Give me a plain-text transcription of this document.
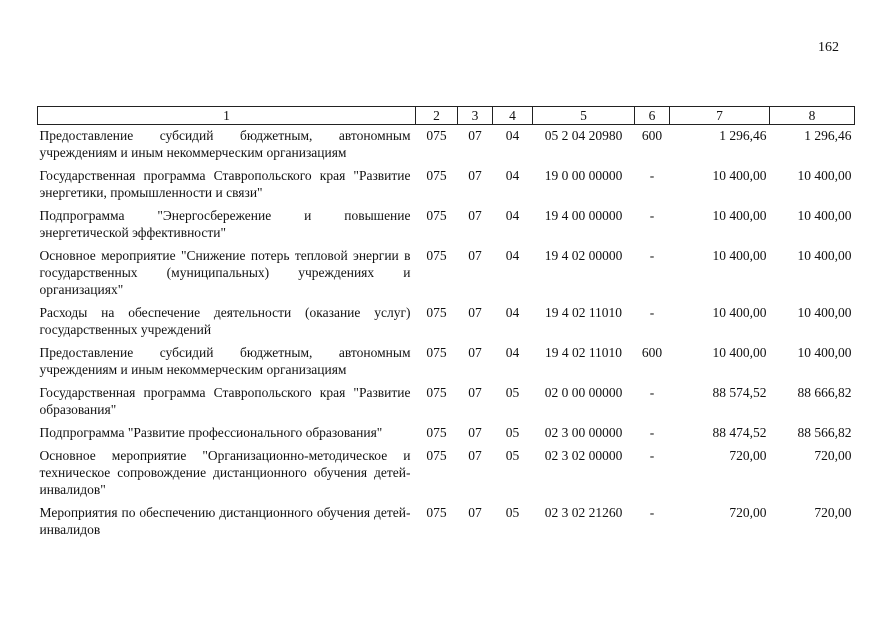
162
1	2	3	4	5	6	7	8
Предоставление субсидий бюджетным, автономным учреждениям и иным некоммерческим организациям	075	07	04	05 2 04 20980	600	1 296,46	1 296,46
Государственная программа Ставропольского края "Развитие энергетики, промышленности и связи"	075	07	04	19 0 00 00000	-	10 400,00	10 400,00
Подпрограмма "Энергосбережение и повышение энергетической эффективности"	075	07	04	19 4 00 00000	-	10 400,00	10 400,00
Основное мероприятие "Снижение потерь тепловой энергии в государственных (муниципальных) учреждениях и организациях"	075	07	04	19 4 02 00000	-	10 400,00	10 400,00
Расходы на обеспечение деятельности (оказание услуг) государственных учреждений	075	07	04	19 4 02 11010	-	10 400,00	10 400,00
Предоставление субсидий бюджетным, автономным учреждениям и иным некоммерческим организациям	075	07	04	19 4 02 11010	600	10 400,00	10 400,00
Государственная программа Ставропольского края "Развитие образования"	075	07	05	02 0 00 00000	-	88 574,52	88 666,82
Подпрограмма "Развитие профессионального образования"	075	07	05	02 3 00 00000	-	88 474,52	88 566,82
Основное мероприятие "Организационно-методическое и техническое сопровождение дистанционного обучения детей-инвалидов"	075	07	05	02 3 02 00000	-	720,00	720,00
Мероприятия по обеспечению дистанционного обучения детей-инвалидов	075	07	05	02 3 02 21260	-	720,00	720,00
